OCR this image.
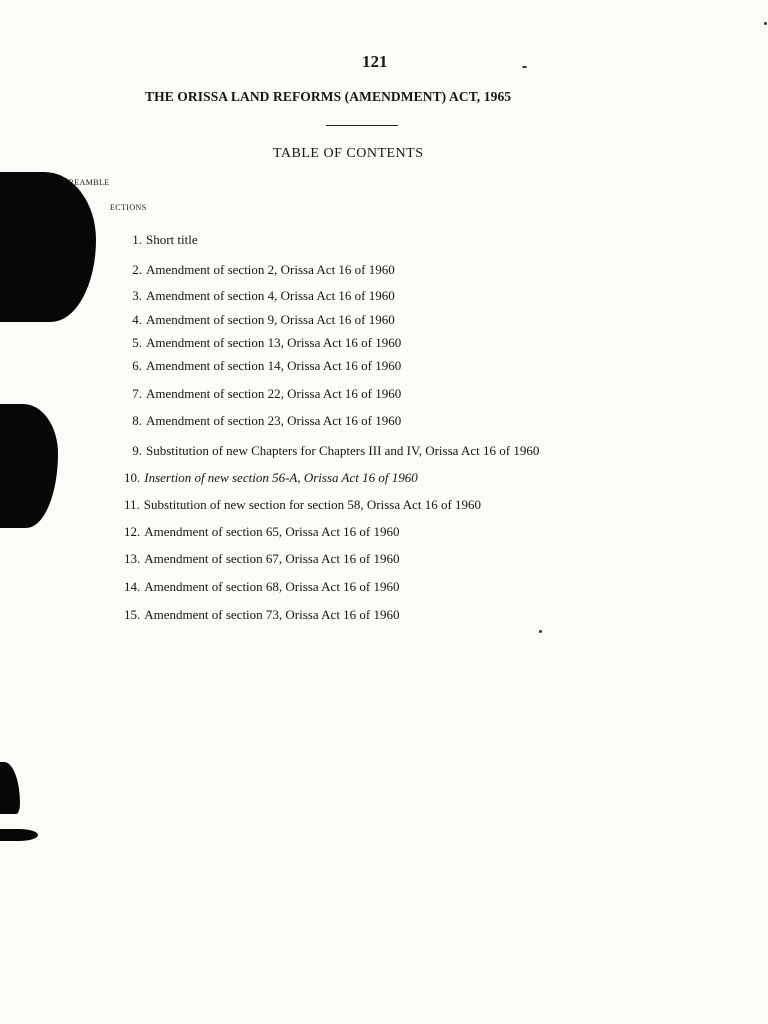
121
THE ORISSA LAND REFORMS (AMENDMENT) ACT, 1965
TABLE OF CONTENTS
Preamble
ections
1. Short title
2. Amendment of section 2, Orissa Act 16 of 1960
3. Amendment of section 4, Orissa Act 16 of 1960
4. Amendment of section 9, Orissa Act 16 of 1960
5. Amendment of section 13, Orissa Act 16 of 1960
6. Amendment of section 14, Orissa Act 16 of 1960
7. Amendment of section 22, Orissa Act 16 of 1960
8. Amendment of section 23, Orissa Act 16 of 1960
9. Substitution of new Chapters for Chapters III and IV, Orissa Act 16 of 1960
10. Insertion of new section 56-A, Orissa Act 16 of 1960
11. Substitution of new section for section 58, Orissa Act 16 of 1960
12. Amendment of section 65, Orissa Act 16 of 1960
13. Amendment of section 67, Orissa Act 16 of 1960
14. Amendment of section 68, Orissa Act 16 of 1960
15. Amendment of section 73, Orissa Act 16 of 1960
